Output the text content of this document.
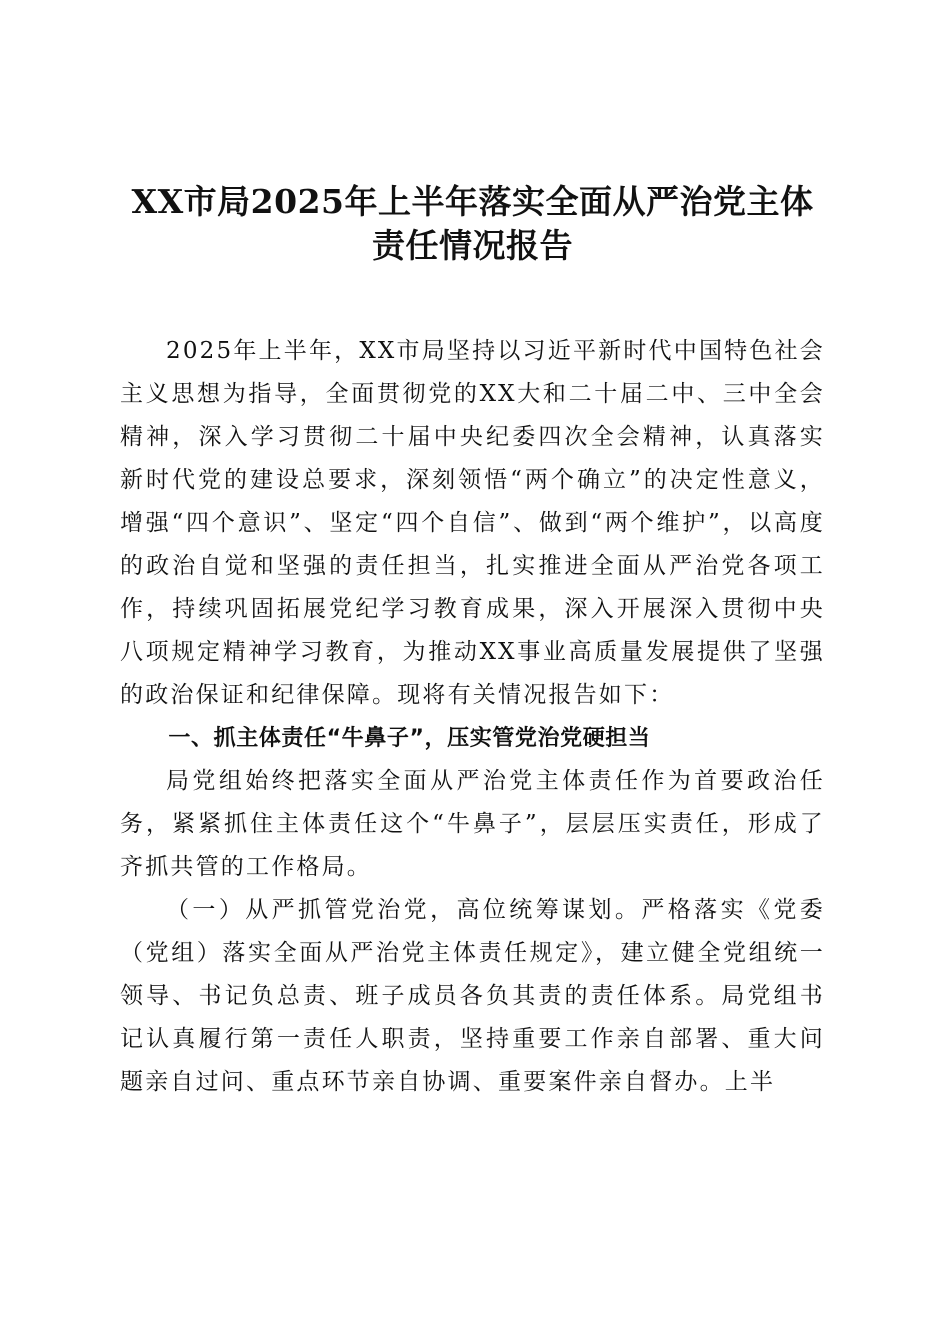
XX市局2025年上半年落实全面从严治党主体
责任情况报告

2025年上半年，XX市局坚持以习近平新时代中国特色社会主义思想为指导，全面贯彻党的XX大和二十届二中、三中全会精神，深入学习贯彻二十届中央纪委四次全会精神，认真落实新时代党的建设总要求，深刻领悟“两个确立”的决定性意义，增强“四个意识”、坚定“四个自信”、做到“两个维护”，以高度的政治自觉和坚强的责任担当，扎实推进全面从严治党各项工作，持续巩固拓展党纪学习教育成果，深入开展深入贯彻中央八项规定精神学习教育，为推动XX事业高质量发展提供了坚强的政治保证和纪律保障。现将有关情况报告如下：

一、抓主体责任“牛鼻子”，压实管党治党硬担当

局党组始终把落实全面从严治党主体责任作为首要政治任务，紧紧抓住主体责任这个“牛鼻子”，层层压实责任，形成了齐抓共管的工作格局。

（一）从严抓管党治党，高位统筹谋划。严格落实《党委（党组）落实全面从严治党主体责任规定》，建立健全党组统一领导、书记负总责、班子成员各负其责的责任体系。局党组书记认真履行第一责任人职责，坚持重要工作亲自部署、重大问题亲自过问、重点环节亲自协调、重要案件亲自督办。上半
